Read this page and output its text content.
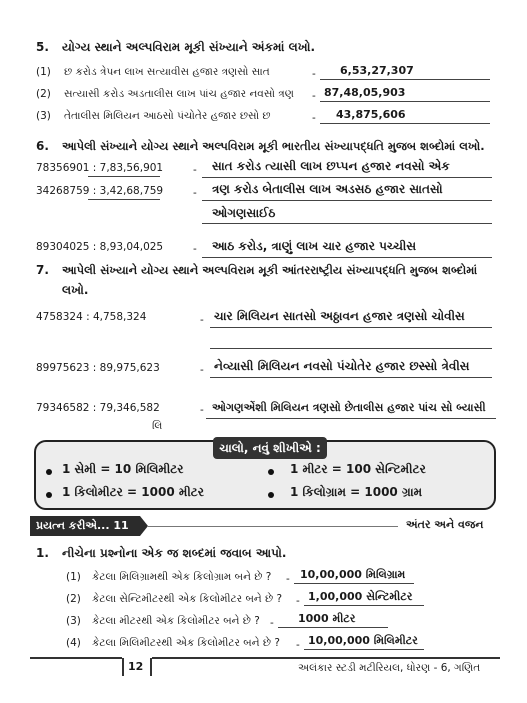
5. યોગ્ય સ્થાને અલ્પવિરામ મૂકી સંખ્યાને અંકમાં લખો.
(1) છ કરોડ ત્રેપન લાખ સત્યાવીસ હજાર ત્રણસો સાત	- 6,53,27,307
(2) સત્યાસી કરોડ અડતાલીસ લાખ પાંચ હજાર નવસો ત્રણ - 87,48,05,903
(3) તેતાલીસ મિલિયન આઠસો પંચોતેર હજાર છસો છ	- 43,875,606
6. આપેલી સંખ્યાને યોગ્ય સ્થાને અલ્પવિરામ મૂકી ભારતીય સંખ્યાપદ્ધતિ મુજબ શબ્દોમાં લખો.
78356901 : 7,83,56,901	- સાત કરોડ ત્યાસી લાખ છપ્પન હજાર નવસો એક
34268759 : 3,42,68,759	- ત્રણ કરોડ બેતાલીસ લાખ અડસઠ હજાર સાતસો
ઓગણસાઈઠ
89304025 : 8,93,04,025	- આઠ કરોડ, ત્રાણું લાખ ચાર હજાર પચ્ચીસ
7. આપેલી સંખ્યાને યોગ્ય સ્થાને અલ્પવિરામ મૂકી આંતરરાષ્ટ્રીય સંખ્યાપદ્ધતિ મુજબ શબ્દોમાં
લખો.
4758324 : 4,758,324	- ચાર મિલિયન સાતસો અઠ્ઠાવન હજાર ત્રણસો ચોવીસ
89975623 : 89,975,623	- નેવ્યાસી મિલિયન નવસો પંચોતેર હજાર છસ્સો ત્રેવીસ
79346582 : 79,346,582	- ઓગણએંશી મિલિયન ત્રણસો છેતાલીસ હજાર પાંચ સો બ્યાસી
લિ
ચાલો, નવું શીખીએ :
1 સેમી = 10 મિલિમીટર	1 મીટર = 100 સેન્ટિમીટર
1 કિલોમીટર = 1000 મીટર	1 કિલોગ્રામ = 1000 ગ્રામ
પ્રયત્ન કરીએ... 11	અંતર અને વજન
1. નીચેના પ્રશ્નોના એક જ શબ્દમાં જવાબ આપો.
(1) કેટલા મિલિગ્રામથી એક કિલોગ્રામ બને છે ? - 10,00,000 મિલિગ્રામ
(2) કેટલા સેન્ટિમીટરથી એક કિલોમીટર બને છે ? - 1,00,000 સેન્ટિમીટર
(3) કેટલા મીટરથી એક કિલોમીટર બને છે ? - 1000 મીટર
(4) કેટલા મિલિમીટરથી એક કિલોમીટર બને છે ? - 10,00,000 મિલિમીટર
12	અલંકાર સ્ટડી મટીરિયલ, ધોરણ - 6, ગણિત
